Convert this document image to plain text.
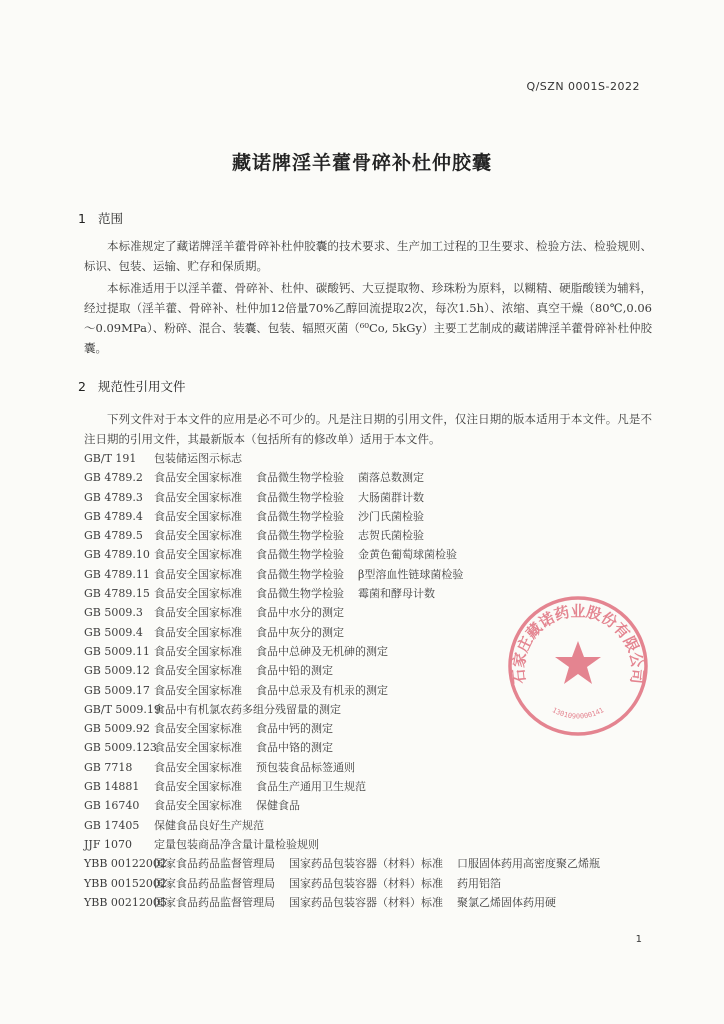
Q/SZN 0001S-2022
藏诺牌淫羊藿骨碎补杜仲胶囊
1 范围
本标准规定了藏诺牌淫羊藿骨碎补杜仲胶囊的技术要求、生产加工过程的卫生要求、检验方法、检验规则、标识、包装、运输、贮存和保质期。
本标准适用于以淫羊藿、骨碎补、杜仲、碳酸钙、大豆提取物、珍珠粉为原料，以糊精、硬脂酸镁为辅料，经过提取（淫羊藿、骨碎补、杜仲加12倍量70%乙醇回流提取2次，每次1.5h）、浓缩、真空干燥（80℃,0.06～0.09MPa）、粉碎、混合、装囊、包装、辐照灭菌（⁶⁰Co, 5kGy）主要工艺制成的藏诺牌淫羊藿骨碎补杜仲胶囊。
2 规范性引用文件
下列文件对于本文件的应用是必不可少的。凡是注日期的引用文件，仅注日期的版本适用于本文件。凡是不注日期的引用文件，其最新版本（包括所有的修改单）适用于本文件。
GB/T 191 包装储运图示标志
GB 4789.2 食品安全国家标准 食品微生物学检验 菌落总数测定
GB 4789.3 食品安全国家标准 食品微生物学检验 大肠菌群计数
GB 4789.4 食品安全国家标准 食品微生物学检验 沙门氏菌检验
GB 4789.5 食品安全国家标准 食品微生物学检验 志贺氏菌检验
GB 4789.10 食品安全国家标准 食品微生物学检验 金黄色葡萄球菌检验
GB 4789.11 食品安全国家标准 食品微生物学检验 β型溶血性链球菌检验
GB 4789.15 食品安全国家标准 食品微生物学检验 霉菌和酵母计数
GB 5009.3 食品安全国家标准 食品中水分的测定
GB 5009.4 食品安全国家标准 食品中灰分的测定
GB 5009.11 食品安全国家标准 食品中总砷及无机砷的测定
GB 5009.12 食品安全国家标准 食品中铅的测定
GB 5009.17 食品安全国家标准 食品中总汞及有机汞的测定
GB/T 5009.19食品中有机氯农药多组分残留量的测定
GB 5009.92 食品安全国家标准 食品中钙的测定
GB 5009.123食品安全国家标准 食品中铬的测定
GB 7718 食品安全国家标准 预包装食品标签通则
GB 14881 食品安全国家标准 食品生产通用卫生规范
GB 16740 食品安全国家标准 保健食品
GB 17405 保健食品良好生产规范
JJF 1070 定量包装商品净含量计量检验规则
YBB 00122002国家食品药品监督管理局 国家药品包装容器（材料）标准 口服固体药用高密度聚乙烯瓶
YBB 00152002国家食品药品监督管理局 国家药品包装容器（材料）标准 药用铝箔
YBB 00212005国家食品药品监督管理局 国家药品包装容器（材料）标准 聚氯乙烯固体药用硬
石家庄藏诺药业股份有限公司
1301090000141
1
